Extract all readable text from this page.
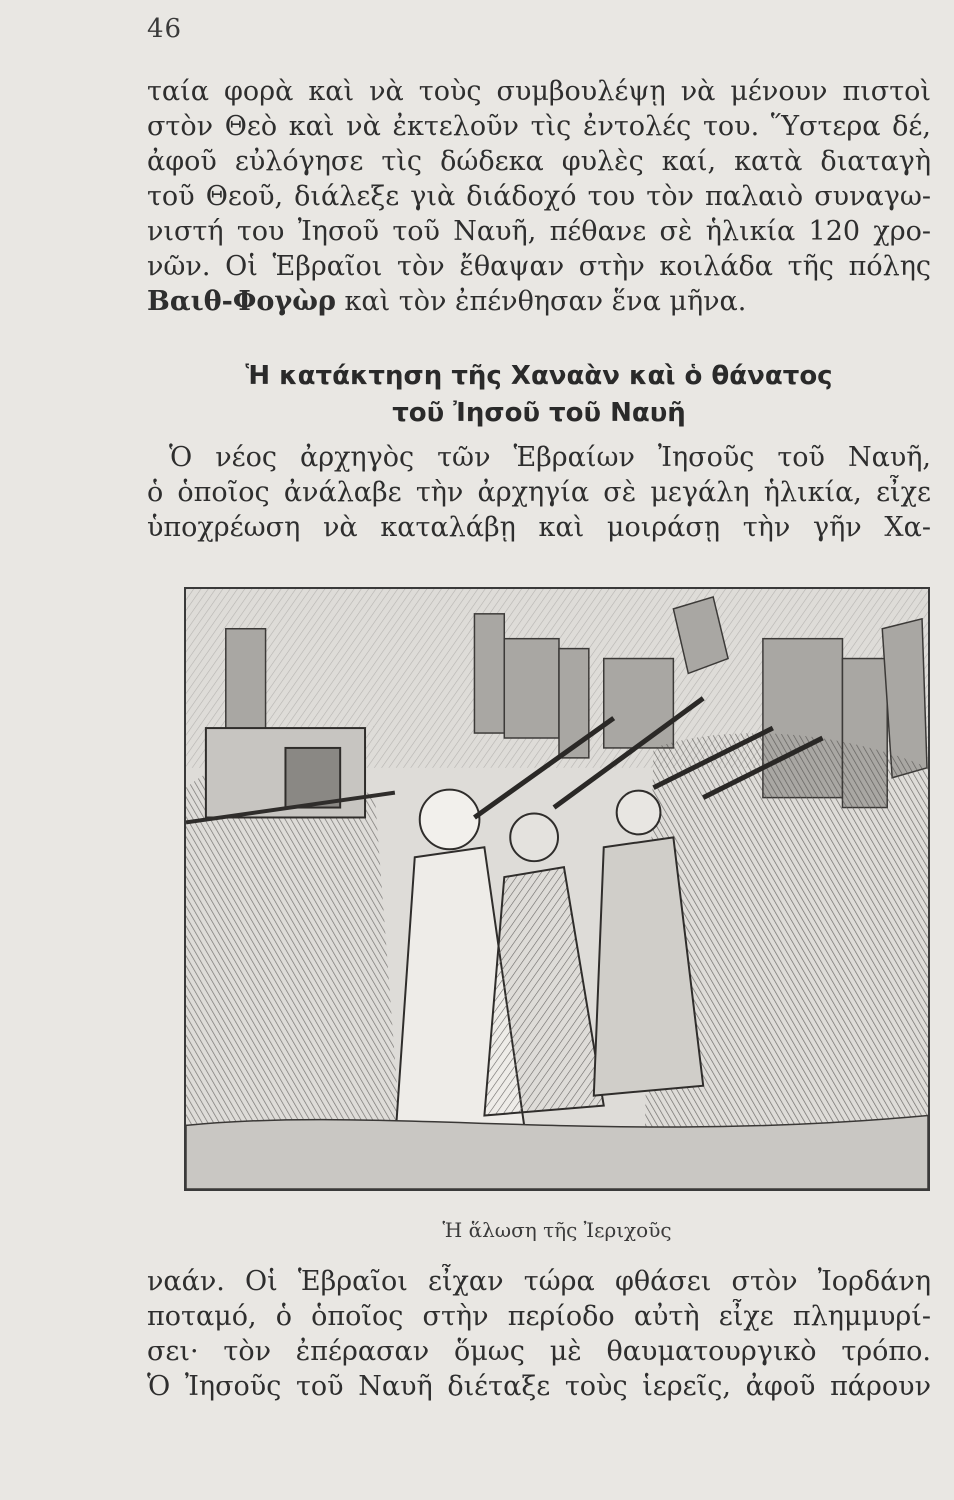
46

ταία φορὰ καὶ νὰ τοὺς συμβουλέψῃ νὰ μένουν πιστοὶ
στὸν Θεὸ καὶ νὰ ἐκτελοῦν τὶς ἐντολές του. Ὕστερα δέ,
ἀφοῦ εὐλόγησε τὶς δώδεκα φυλὲς καί, κατὰ διαταγὴ
τοῦ Θεοῦ, διάλεξε γιὰ διάδοχό του τὸν παλαιὸ συναγω-
νιστή του Ἰησοῦ τοῦ Ναυῆ, πέθανε σὲ ἡλικία 120 χρο-
νῶν. Οἱ Ἑβραῖοι τὸν ἔθαψαν στὴν κοιλάδα τῆς πόλης
Βαιθ-Φογὼρ καὶ τὸν ἐπένθησαν ἕνα μῆνα.

Ἡ κατάκτηση τῆς Χαναὰν καὶ ὁ θάνατος
τοῦ Ἰησοῦ τοῦ Ναυῆ

Ὁ νέος ἀρχηγὸς τῶν Ἑβραίων Ἰησοῦς τοῦ Ναυῆ,
ὁ ὁποῖος ἀνάλαβε τὴν ἀρχηγία σὲ μεγάλη ἡλικία, εἶχε
ὑποχρέωση νὰ καταλάβῃ καὶ μοιράσῃ τὴν γῆν Χα-

Ἡ ἅλωση τῆς Ἰεριχοῦς

ναάν. Οἱ Ἑβραῖοι εἶχαν τώρα φθάσει στὸν Ἰορδάνη
ποταμό, ὁ ὁποῖος στὴν περίοδο αὐτὴ εἶχε πλημμυρί-
σει· τὸν ἐπέρασαν ὅμως μὲ θαυματουργικὸ τρόπο.
Ὁ Ἰησοῦς τοῦ Ναυῆ διέταξε τοὺς ἱερεῖς, ἀφοῦ πάρουν
